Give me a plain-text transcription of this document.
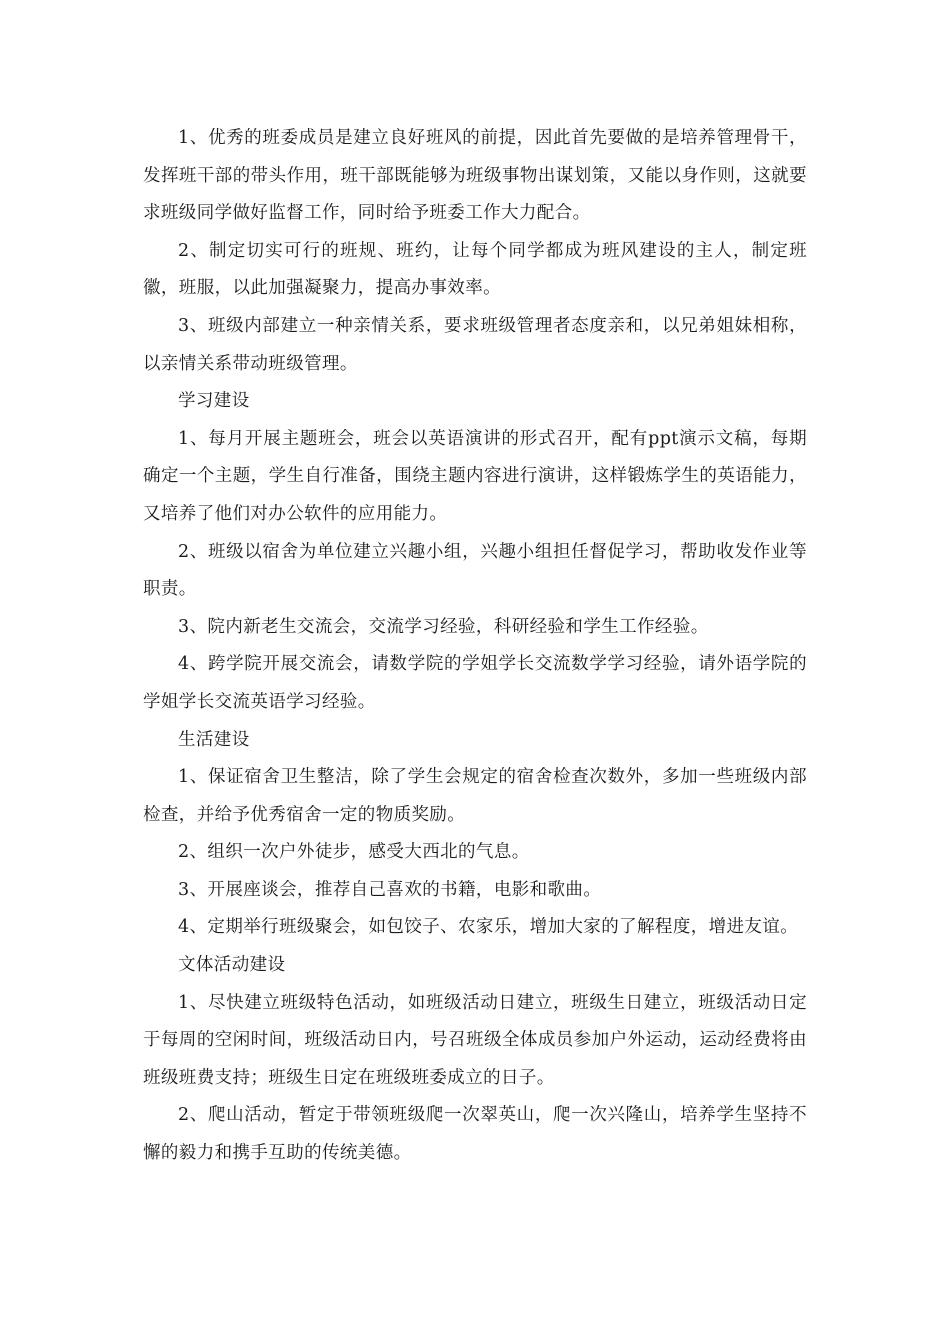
1、优秀的班委成员是建立良好班风的前提，因此首先要做的是培养管理骨干，发挥班干部的带头作用，班干部既能够为班级事物出谋划策，又能以身作则，这就要求班级同学做好监督工作，同时给予班委工作大力配合。

2、制定切实可行的班规、班约，让每个同学都成为班风建设的主人，制定班徽，班服，以此加强凝聚力，提高办事效率。

3、班级内部建立一种亲情关系，要求班级管理者态度亲和，以兄弟姐妹相称，以亲情关系带动班级管理。

学习建设

1、每月开展主题班会，班会以英语演讲的形式召开，配有ppt演示文稿，每期确定一个主题，学生自行准备，围绕主题内容进行演讲，这样锻炼学生的英语能力，又培养了他们对办公软件的应用能力。

2、班级以宿舍为单位建立兴趣小组，兴趣小组担任督促学习，帮助收发作业等职责。

3、院内新老生交流会，交流学习经验，科研经验和学生工作经验。

4、跨学院开展交流会，请数学院的学姐学长交流数学学习经验，请外语学院的学姐学长交流英语学习经验。

生活建设

1、保证宿舍卫生整洁，除了学生会规定的宿舍检查次数外，多加一些班级内部检查，并给予优秀宿舍一定的物质奖励。

2、组织一次户外徒步，感受大西北的气息。

3、开展座谈会，推荐自己喜欢的书籍，电影和歌曲。

4、定期举行班级聚会，如包饺子、农家乐，增加大家的了解程度，增进友谊。

文体活动建设

1、尽快建立班级特色活动，如班级活动日建立，班级生日建立，班级活动日定于每周的空闲时间，班级活动日内，号召班级全体成员参加户外运动，运动经费将由班级班费支持；班级生日定在班级班委成立的日子。

2、爬山活动，暂定于带领班级爬一次翠英山，爬一次兴隆山，培养学生坚持不懈的毅力和携手互助的传统美德。
